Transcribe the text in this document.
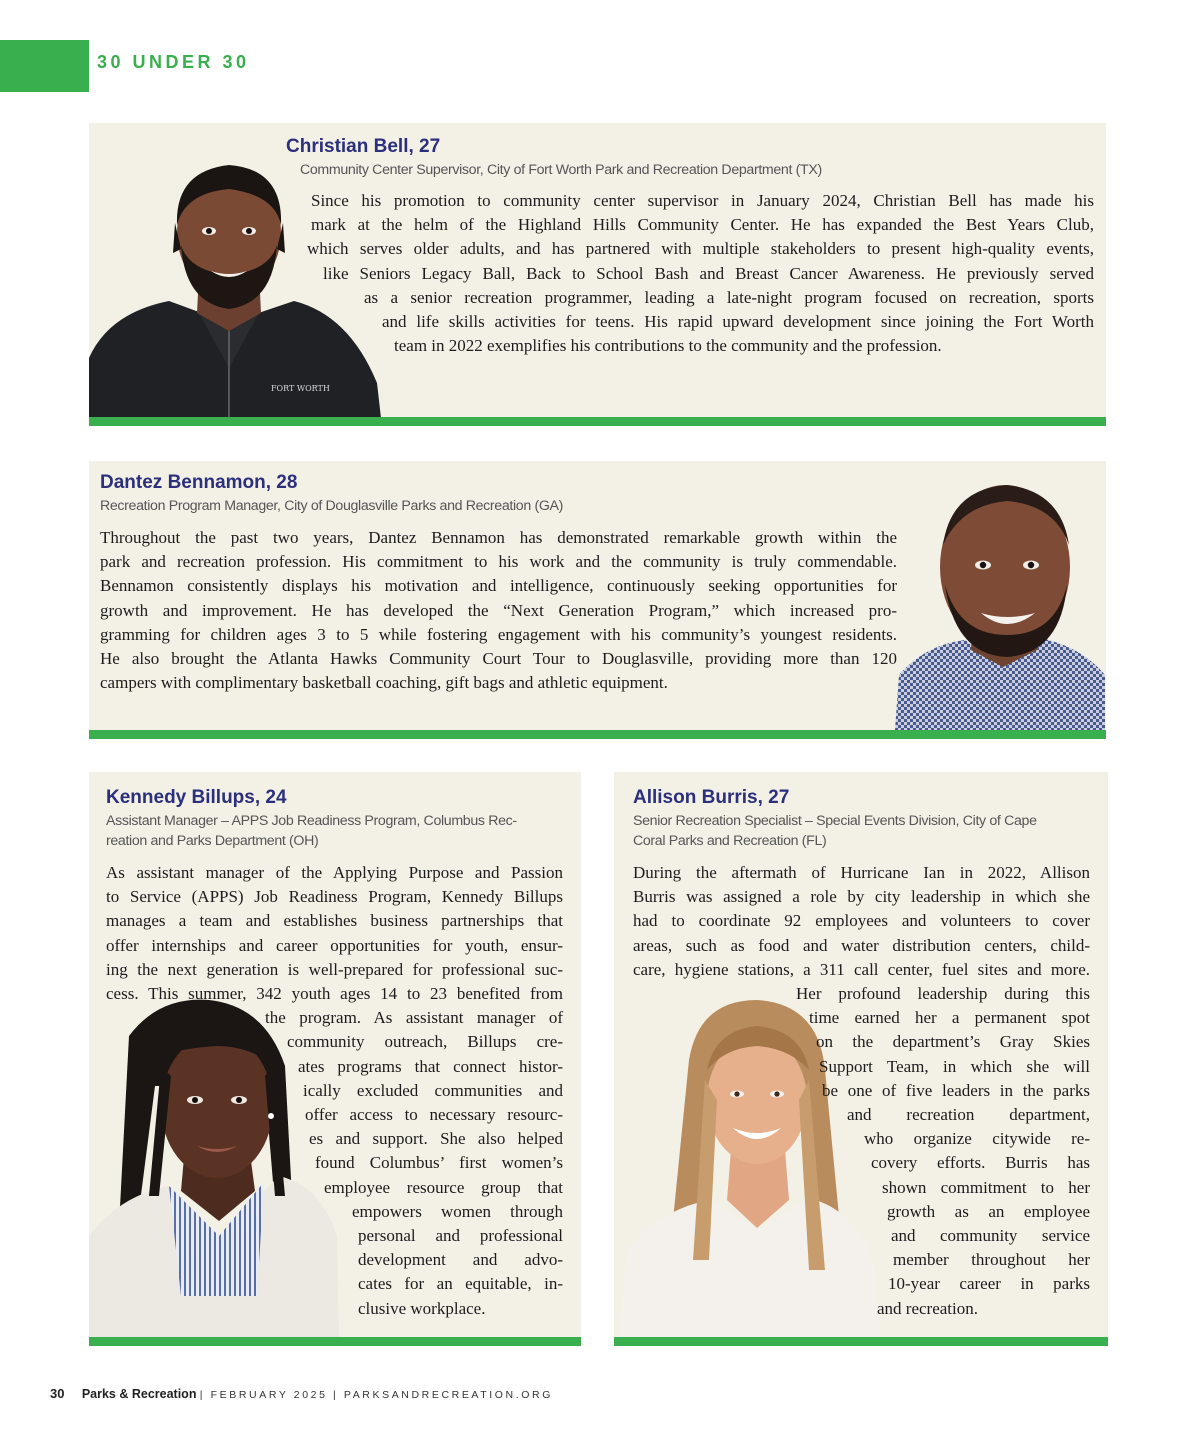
30 UNDER 30
FORT WORTH
Christian Bell, 27
Community Center Supervisor, City of Fort Worth Park and Recreation Department (TX)

Since his promotion to community center supervisor in January 2024, Christian Bell has made his

mark at the helm of the Highland Hills Community Center. He has expanded the Best Years Club,

which serves older adults, and has partnered with multiple stakeholders to present high-quality events,

like Seniors Legacy Ball, Back to School Bash and Breast Cancer Awareness. He previously served

as a senior recreation programmer, leading a late-night program focused on recreation, sports

and life skills activities for teens. His rapid upward development since joining the Fort Worth

team in 2022 exemplifies his contributions to the community and the profession.

Dantez Bennamon, 28
Recreation Program Manager, City of Douglasville Parks and Recreation (GA)

Throughout the past two years, Dantez Bennamon has demonstrated remarkable growth within the

park and recreation profession. His commitment to his work and the community is truly commendable.

Bennamon consistently displays his motivation and intelligence, continuously seeking opportunities for

growth and improvement. He has developed the “Next Generation Program,” which increased pro-

gramming for children ages 3 to 5 while fostering engagement with his community’s youngest residents.

He also brought the Atlanta Hawks Community Court Tour to Douglasville, providing more than 120

campers with complimentary basketball coaching, gift bags and athletic equipment.

Kennedy Billups, 24
Assistant Manager – APPS Job Readiness Program, Columbus Rec-
reation and Parks Department (OH)

As assistant manager of the Applying Purpose and Passion

to Service (APPS) Job Readiness Program, Kennedy Billups

manages a team and establishes business partnerships that

offer internships and career opportunities for youth, ensur-

ing the next generation is well-prepared for professional suc-

cess. This summer, 342 youth ages 14 to 23 benefited from

the program. As assistant manager of

community outreach, Billups cre-

ates programs that connect histor-

ically excluded communities and

offer access to necessary resourc-

es and support. She also helped

found Columbus’ first women’s

employee resource group that

empowers women through

personal and professional

development and advo-

cates for an equitable, in-

clusive workplace.

Allison Burris, 27
Senior Recreation Specialist – Special Events Division, City of Cape
Coral Parks and Recreation (FL)

During the aftermath of Hurricane Ian in 2022, Allison

Burris was assigned a role by city leadership in which she

had to coordinate 92 employees and volunteers to cover

areas, such as food and water distribution centers, child-

care, hygiene stations, a 311 call center, fuel sites and more.

Her profound leadership during this

time earned her a permanent spot

on the department’s Gray Skies

Support Team, in which she will

be one of five leaders in the parks

and recreation department,

who organize citywide re-

covery efforts. Burris has

shown commitment to her

growth as an employee

and community service

member throughout her

10-year career in parks

and recreation.

30 Parks & Recreation | FEBRUARY 2025 | PARKSANDRECREATION.ORG
